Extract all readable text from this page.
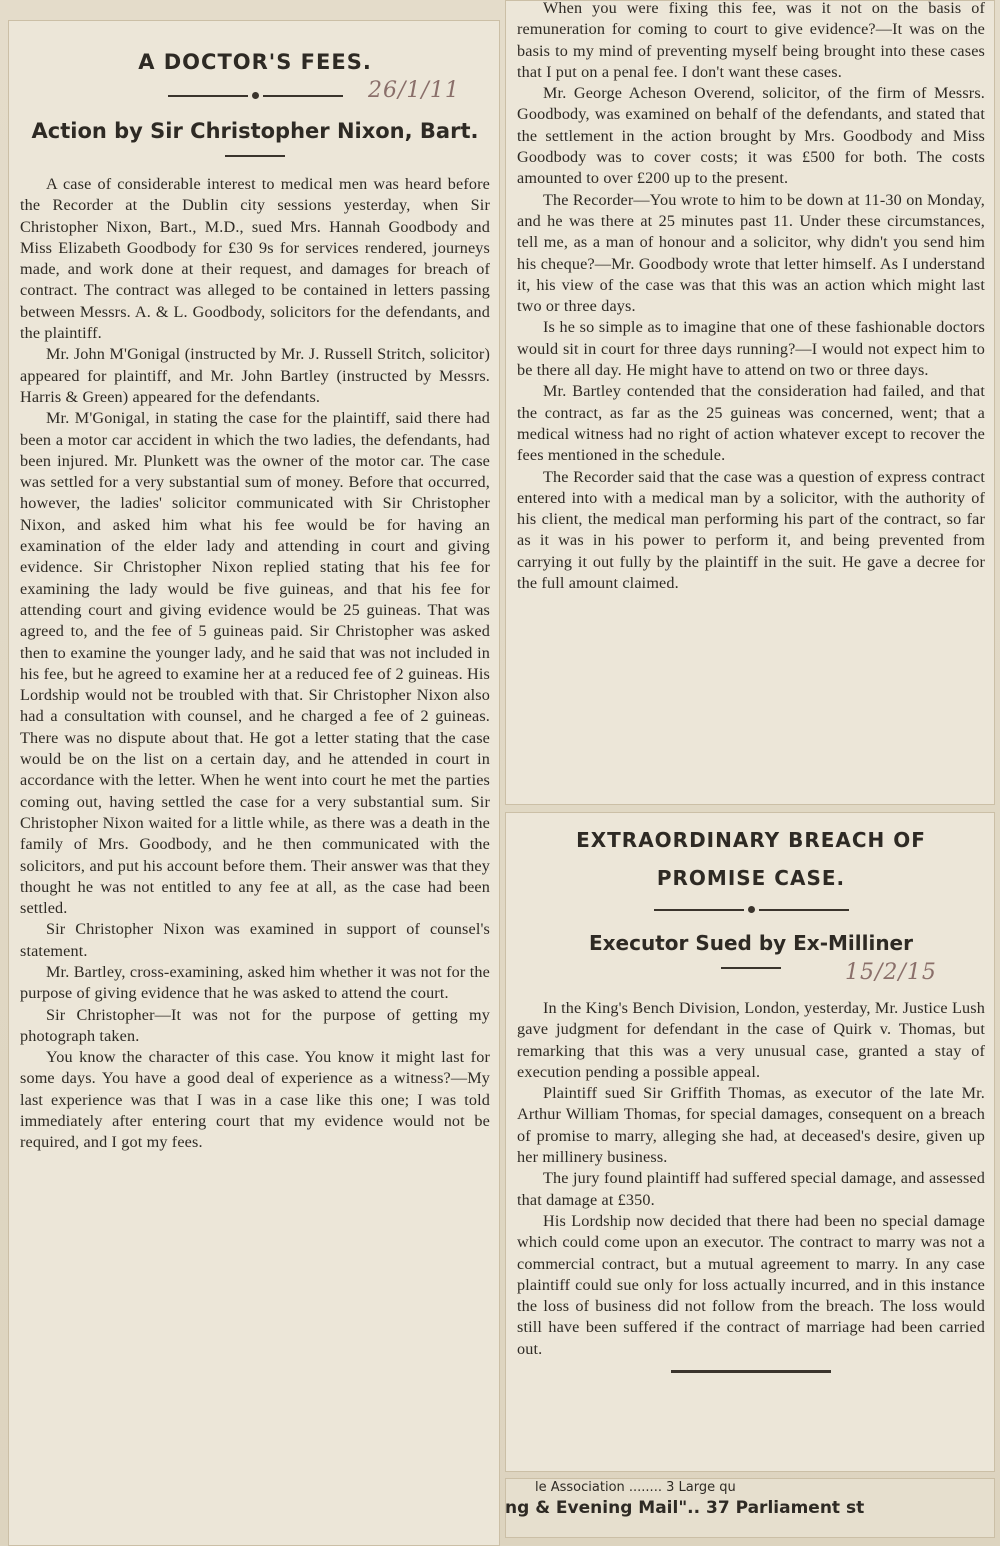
A DOCTOR'S FEES.
Action by Sir Christopher Nixon, Bart.
26/1/11

A case of considerable interest to medical men was heard before the Recorder at the Dublin city sessions yesterday, when Sir Christopher Nixon, Bart., M.D., sued Mrs. Hannah Goodbody and Miss Elizabeth Goodbody for £30 9s for services rendered, journeys made, and work done at their request, and damages for breach of contract. The contract was alleged to be contained in letters passing between Messrs. A. & L. Goodbody, solicitors for the defendants, and the plaintiff.

Mr. John M'Gonigal (instructed by Mr. J. Russell Stritch, solicitor) appeared for plaintiff, and Mr. John Bartley (instructed by Messrs. Harris & Green) appeared for the defendants.

Mr. M'Gonigal, in stating the case for the plaintiff, said there had been a motor car accident in which the two ladies, the defendants, had been injured. Mr. Plunkett was the owner of the motor car. The case was settled for a very substantial sum of money. Before that occurred, however, the ladies' solicitor communicated with Sir Christopher Nixon, and asked him what his fee would be for having an examination of the elder lady and attending in court and giving evidence. Sir Christopher Nixon replied stating that his fee for examining the lady would be five guineas, and that his fee for attending court and giving evidence would be 25 guineas. That was agreed to, and the fee of 5 guineas paid. Sir Christopher was asked then to examine the younger lady, and he said that was not included in his fee, but he agreed to examine her at a reduced fee of 2 guineas. His Lordship would not be troubled with that. Sir Christopher Nixon also had a consultation with counsel, and he charged a fee of 2 guineas. There was no dispute about that. He got a letter stating that the case would be on the list on a certain day, and he attended in court in accordance with the letter. When he went into court he met the parties coming out, having settled the case for a very substantial sum. Sir Christopher Nixon waited for a little while, as there was a death in the family of Mrs. Goodbody, and he then communicated with the solicitors, and put his account before them. Their answer was that they thought he was not entitled to any fee at all, as the case had been settled.

Sir Christopher Nixon was examined in support of counsel's statement.

Mr. Bartley, cross-examining, asked him whether it was not for the purpose of giving evidence that he was asked to attend the court.

Sir Christopher—It was not for the purpose of getting my photograph taken.

You know the character of this case. You know it might last for some days. You have a good deal of experience as a witness?—My last experience was that I was in a case like this one; I was told immediately after entering court that my evidence would not be required, and I got my fees.

When you were fixing this fee, was it not on the basis of remuneration for coming to court to give evidence?—It was on the basis to my mind of preventing myself being brought into these cases that I put on a penal fee. I don't want these cases.

Mr. George Acheson Overend, solicitor, of the firm of Messrs. Goodbody, was examined on behalf of the defendants, and stated that the settlement in the action brought by Mrs. Goodbody and Miss Goodbody was to cover costs; it was £500 for both. The costs amounted to over £200 up to the present.

The Recorder—You wrote to him to be down at 11-30 on Monday, and he was there at 25 minutes past 11. Under these circumstances, tell me, as a man of honour and a solicitor, why didn't you send him his cheque?—Mr. Goodbody wrote that letter himself. As I understand it, his view of the case was that this was an action which might last two or three days.

Is he so simple as to imagine that one of these fashionable doctors would sit in court for three days running?—I would not expect him to be there all day. He might have to attend on two or three days.

Mr. Bartley contended that the consideration had failed, and that the contract, as far as the 25 guineas was concerned, went; that a medical witness had no right of action whatever except to recover the fees mentioned in the schedule.

The Recorder said that the case was a question of express contract entered into with a medical man by a solicitor, with the authority of his client, the medical man performing his part of the contract, so far as it was in his power to perform it, and being prevented from carrying it out fully by the plaintiff in the suit. He gave a decree for the full amount claimed.

EXTRAORDINARY BREACH OF
PROMISE CASE.
Executor Sued by Ex-Milliner
15/2/15

In the King's Bench Division, London, yesterday, Mr. Justice Lush gave judgment for defendant in the case of Quirk v. Thomas, but remarking that this was a very unusual case, granted a stay of execution pending a possible appeal.

Plaintiff sued Sir Griffith Thomas, as executor of the late Mr. Arthur William Thomas, for special damages, consequent on a breach of promise to marry, alleging she had, at deceased's desire, given up her millinery business.

The jury found plaintiff had suffered special damage, and assessed that damage at £350.

His Lordship now decided that there had been no special damage which could come upon an executor. The contract to marry was not a commercial contract, but a mutual agreement to marry. In any case plaintiff could sue only for loss actually incurred, and in this instance the loss of business did not follow from the breach. The loss would still have been suffered if the contract of marriage had been carried out.

le Association ........ 3 Large qu
ng & Evening Mail".. 37 Parliament st
